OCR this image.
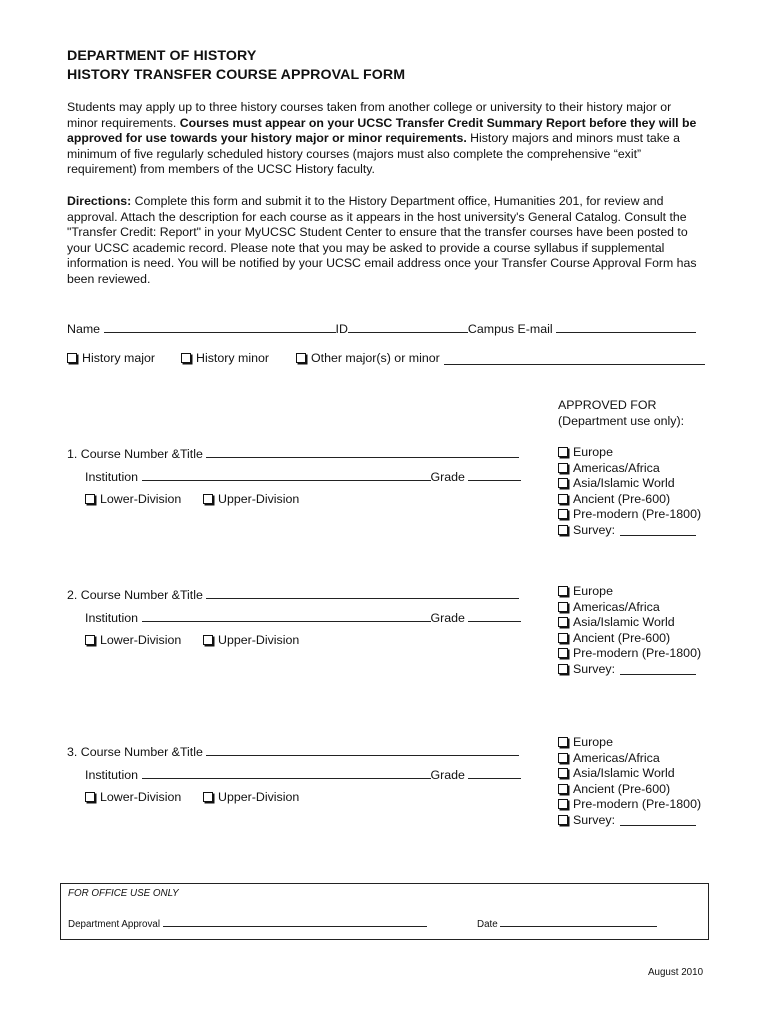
DEPARTMENT OF HISTORY
HISTORY TRANSFER COURSE APPROVAL FORM
Students may apply up to three history courses taken from another college or university to their history major or minor requirements. Courses must appear on your UCSC Transfer Credit Summary Report before they will be approved for use towards your history major or minor requirements. History majors and minors must take a minimum of five regularly scheduled history courses (majors must also complete the comprehensive “exit” requirement) from members of the UCSC History faculty.
Directions: Complete this form and submit it to the History Department office, Humanities 201, for review and approval. Attach the description for each course as it appears in the host university's General Catalog. Consult the "Transfer Credit: Report" in your MyUCSC Student Center to ensure that the transfer courses have been posted to your UCSC academic record. Please note that you may be asked to provide a course syllabus if supplemental information is need. You will be notified by your UCSC email address once your Transfer Course Approval Form has been reviewed.
Name	ID	Campus E-mail
History major	History minor	Other major(s) or minor
APPROVED FOR
(Department use only):
1. Course Number &Title
Institution	Grade
Lower-Division	Upper-Division
Europe
Americas/Africa
Asia/Islamic World
Ancient (Pre-600)
Pre-modern (Pre-1800)
Survey:
2. Course Number &Title
Institution	Grade
Lower-Division	Upper-Division
Europe
Americas/Africa
Asia/Islamic World
Ancient (Pre-600)
Pre-modern (Pre-1800)
Survey:
3. Course Number &Title
Institution	Grade
Lower-Division	Upper-Division
Europe
Americas/Africa
Asia/Islamic World
Ancient (Pre-600)
Pre-modern (Pre-1800)
Survey:
FOR OFFICE USE ONLY
Department Approval	Date
August 2010
